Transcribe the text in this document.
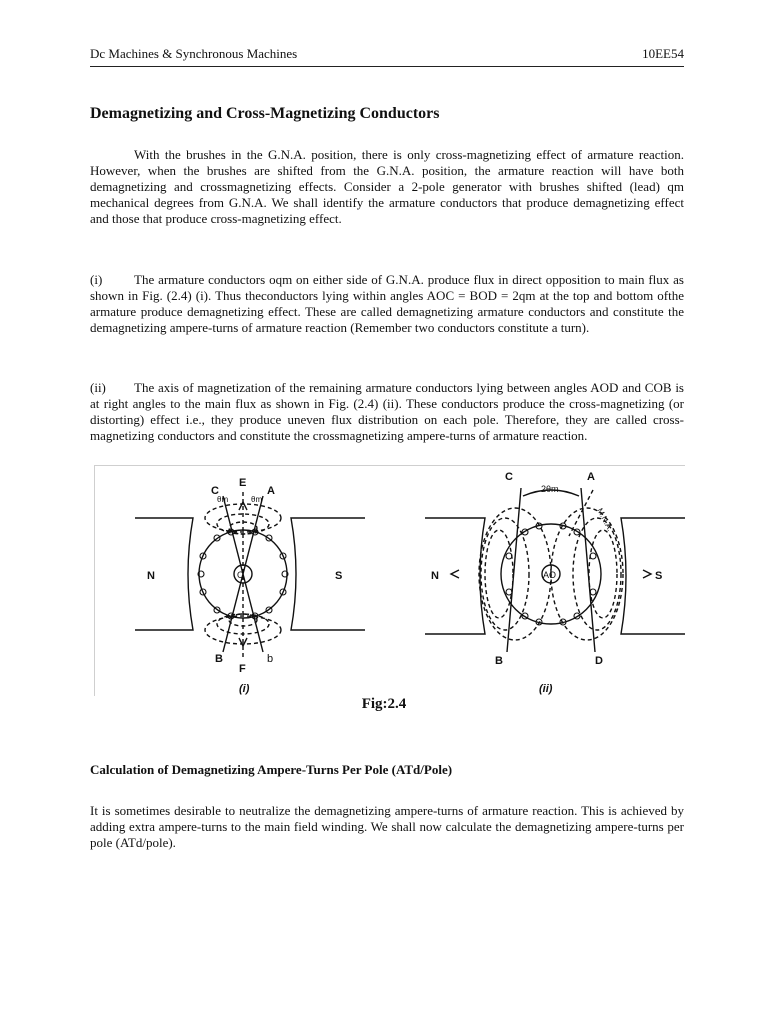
Dc Machines & Synchronous Machines	10EE54
Demagnetizing and Cross-Magnetizing Conductors

With the brushes in the G.N.A. position, there is only cross-magnetizing effect of armature reaction. However, when the brushes are shifted from the G.N.A. position, the armature reaction will have both demagnetizing and crossmagnetizing effects. Consider a 2-pole generator with brushes shifted (lead) qm mechanical degrees from G.N.A. We shall identify the armature conductors that produce demagnetizing effect and those that produce cross-magnetizing effect.

(i) The armature conductors oqm on either side of G.N.A. produce flux in direct opposition to main flux as shown in Fig. (2.4) (i). Thus theconductors lying within angles AOC = BOD = 2qm at the top and bottom ofthe armature produce demagnetizing effect. These are called demagnetizing armature conductors and constitute the demagnetizing ampere-turns of armature reaction (Remember two conductors constitute a turn).

(ii) The axis of magnetization of the remaining armature conductors lying between angles AOD and COB is at right angles to the main flux as shown in Fig. (2.4) (ii). These conductors produce the cross-magnetizing (or distorting) effect i.e., they produce uneven flux distribution on each pole. Therefore, they are called cross-magnetizing conductors and constitute the crossmagnetizing ampere-turns of armature reaction.

N	S
C
E
A
θm	θm
O
B
F
b
(i)
N	S
C	A
2θm
M.N.A.
AO
B	D
(ii)
Fig:2.4
Calculation of Demagnetizing Ampere-Turns Per Pole (ATd/Pole)

It is sometimes desirable to neutralize the demagnetizing ampere-turns of armature reaction. This is achieved by adding extra ampere-turns to the main field winding. We shall now calculate the demagnetizing ampere-turns per pole (ATd/pole).
